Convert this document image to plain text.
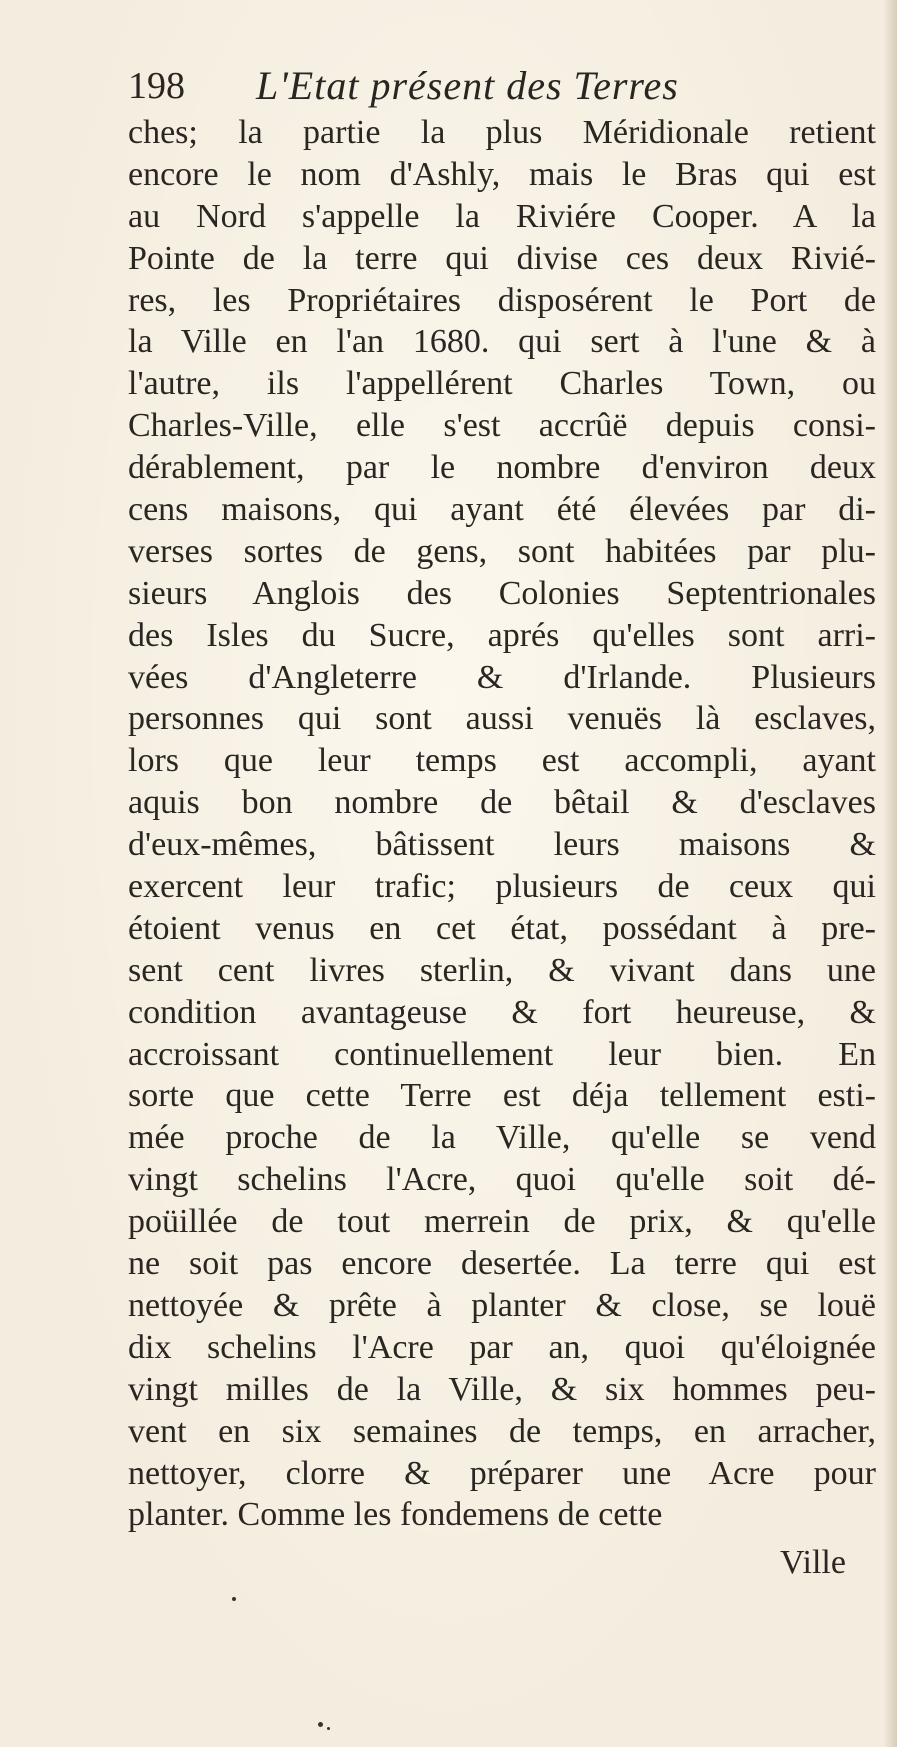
198 L'Etat présent des Terres
ches; la partie la plus Méridionale retient
encore le nom d'Ashly, mais le Bras qui est
au Nord s'appelle la Riviére Cooper. A la
Pointe de la terre qui divise ces deux Rivié-
res, les Propriétaires disposérent le Port de
la Ville en l'an 1680. qui sert à l'une & à
l'autre, ils l'appellérent Charles Town, ou
Charles-Ville, elle s'est accrûë depuis consi-
dérablement, par le nombre d'environ deux
cens maisons, qui ayant été élevées par di-
verses sortes de gens, sont habitées par plu-
sieurs Anglois des Colonies Septentrionales
des Isles du Sucre, aprés qu'elles sont arri-
vées d'Angleterre & d'Irlande. Plusieurs
personnes qui sont aussi venuës là esclaves,
lors que leur temps est accompli, ayant
aquis bon nombre de bêtail & d'esclaves
d'eux-mêmes, bâtissent leurs maisons &
exercent leur trafic; plusieurs de ceux qui
étoient venus en cet état, possédant à pre-
sent cent livres sterlin, & vivant dans une
condition avantageuse & fort heureuse, &
accroissant continuellement leur bien. En
sorte que cette Terre est déja tellement esti-
mée proche de la Ville, qu'elle se vend
vingt schelins l'Acre, quoi qu'elle soit dé-
poüillée de tout merrein de prix, & qu'elle
ne soit pas encore desertée. La terre qui est
nettoyée & prête à planter & close, se louë
dix schelins l'Acre par an, quoi qu'éloignée
vingt milles de la Ville, & six hommes peu-
vent en six semaines de temps, en arracher,
nettoyer, clorre & préparer une Acre pour
planter. Comme les fondemens de cette
Ville
